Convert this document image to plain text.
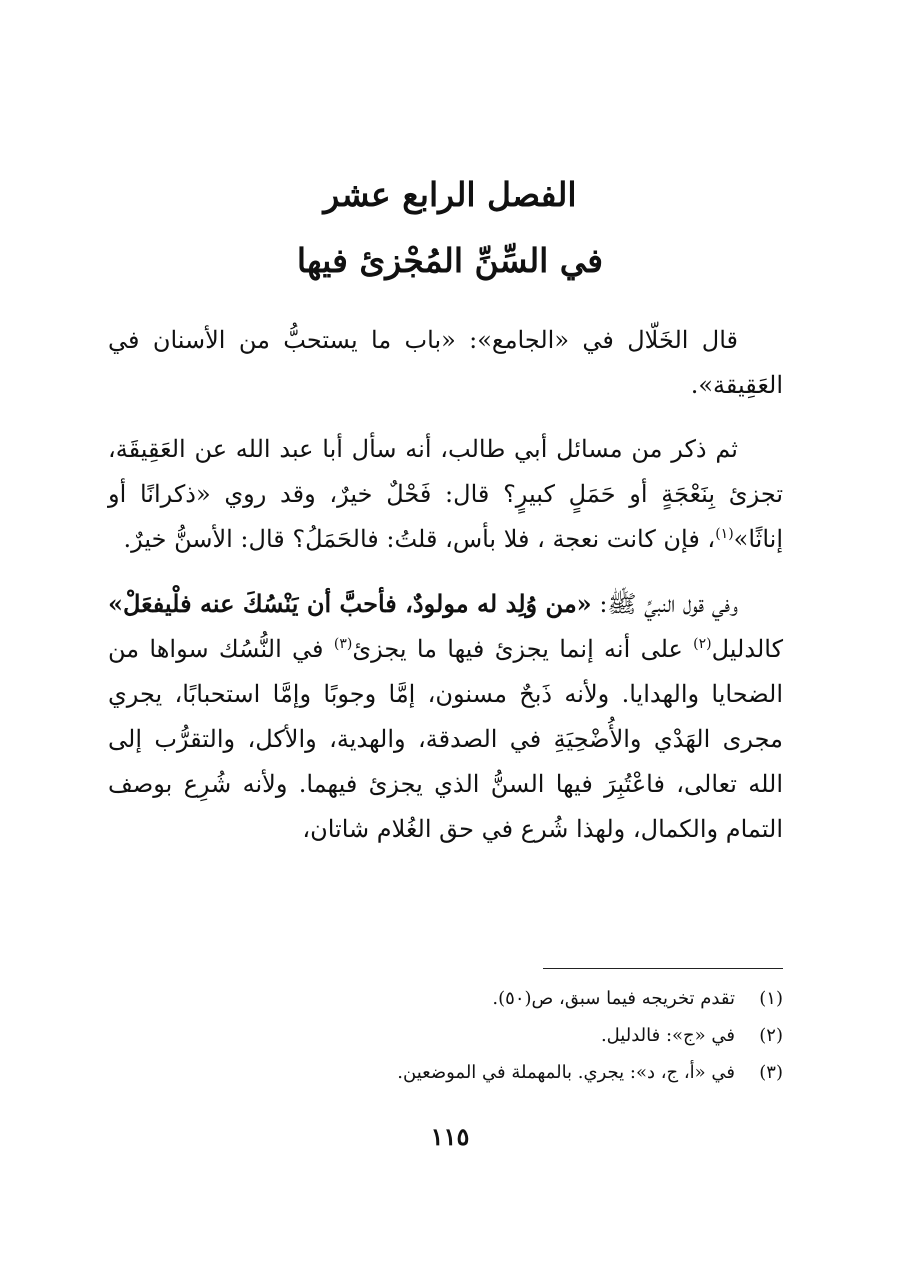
الفصل الرابع عشر
في السِّنِّ المُجْزئ فيها

قال الخَلّال في «الجامع»: «باب ما يستحبُّ من الأسنان في العَقِيقة».

ثم ذكر من مسائل أبي طالب، أنه سأل أبا عبد الله عن العَقِيقَة، تجزئ بِنَعْجَةٍ أو حَمَلٍ كبيرٍ؟ قال: فَحْلٌ خيرٌ، وقد روي «ذكرانًا أو إناثًا»$^{(١)}$، فإن كانت نعجة ، فلا بأس، قلتُ: فالحَمَلُ؟ قال: الأسنُّ خيرٌ.

وفي قول النبيِّ ﷺ: «من وُلِد له مولودٌ، فأحبَّ أن يَنْسُكَ عنه فلْيفعَلْ» كالدليل$^{(٢)}$ على أنه إنما يجزئ فيها ما يجزئ$^{(٣)}$ في النُّسُك سواها من الضحايا والهدايا. ولأنه ذَبحٌ مسنون، إمَّا وجوبًا وإمَّا استحبابًا، يجري مجرى الهَدْي والأُضْحِيَةِ في الصدقة، والهدية، والأكل، والتقرُّب إلى الله تعالى، فاعْتُبِرَ فيها السنُّ الذي يجزئ فيهما. ولأنه شُرِع بوصف التمام والكمال، ولهذا شُرع في حق الغُلام شاتان،

(١)
تقدم تخريجه فيما سبق، ص(٥٠).
(٢)
في «ج»: فالدليل.
(٣)
في «أ، ج، د»: يجري. بالمهملة في الموضعين.
١١٥
